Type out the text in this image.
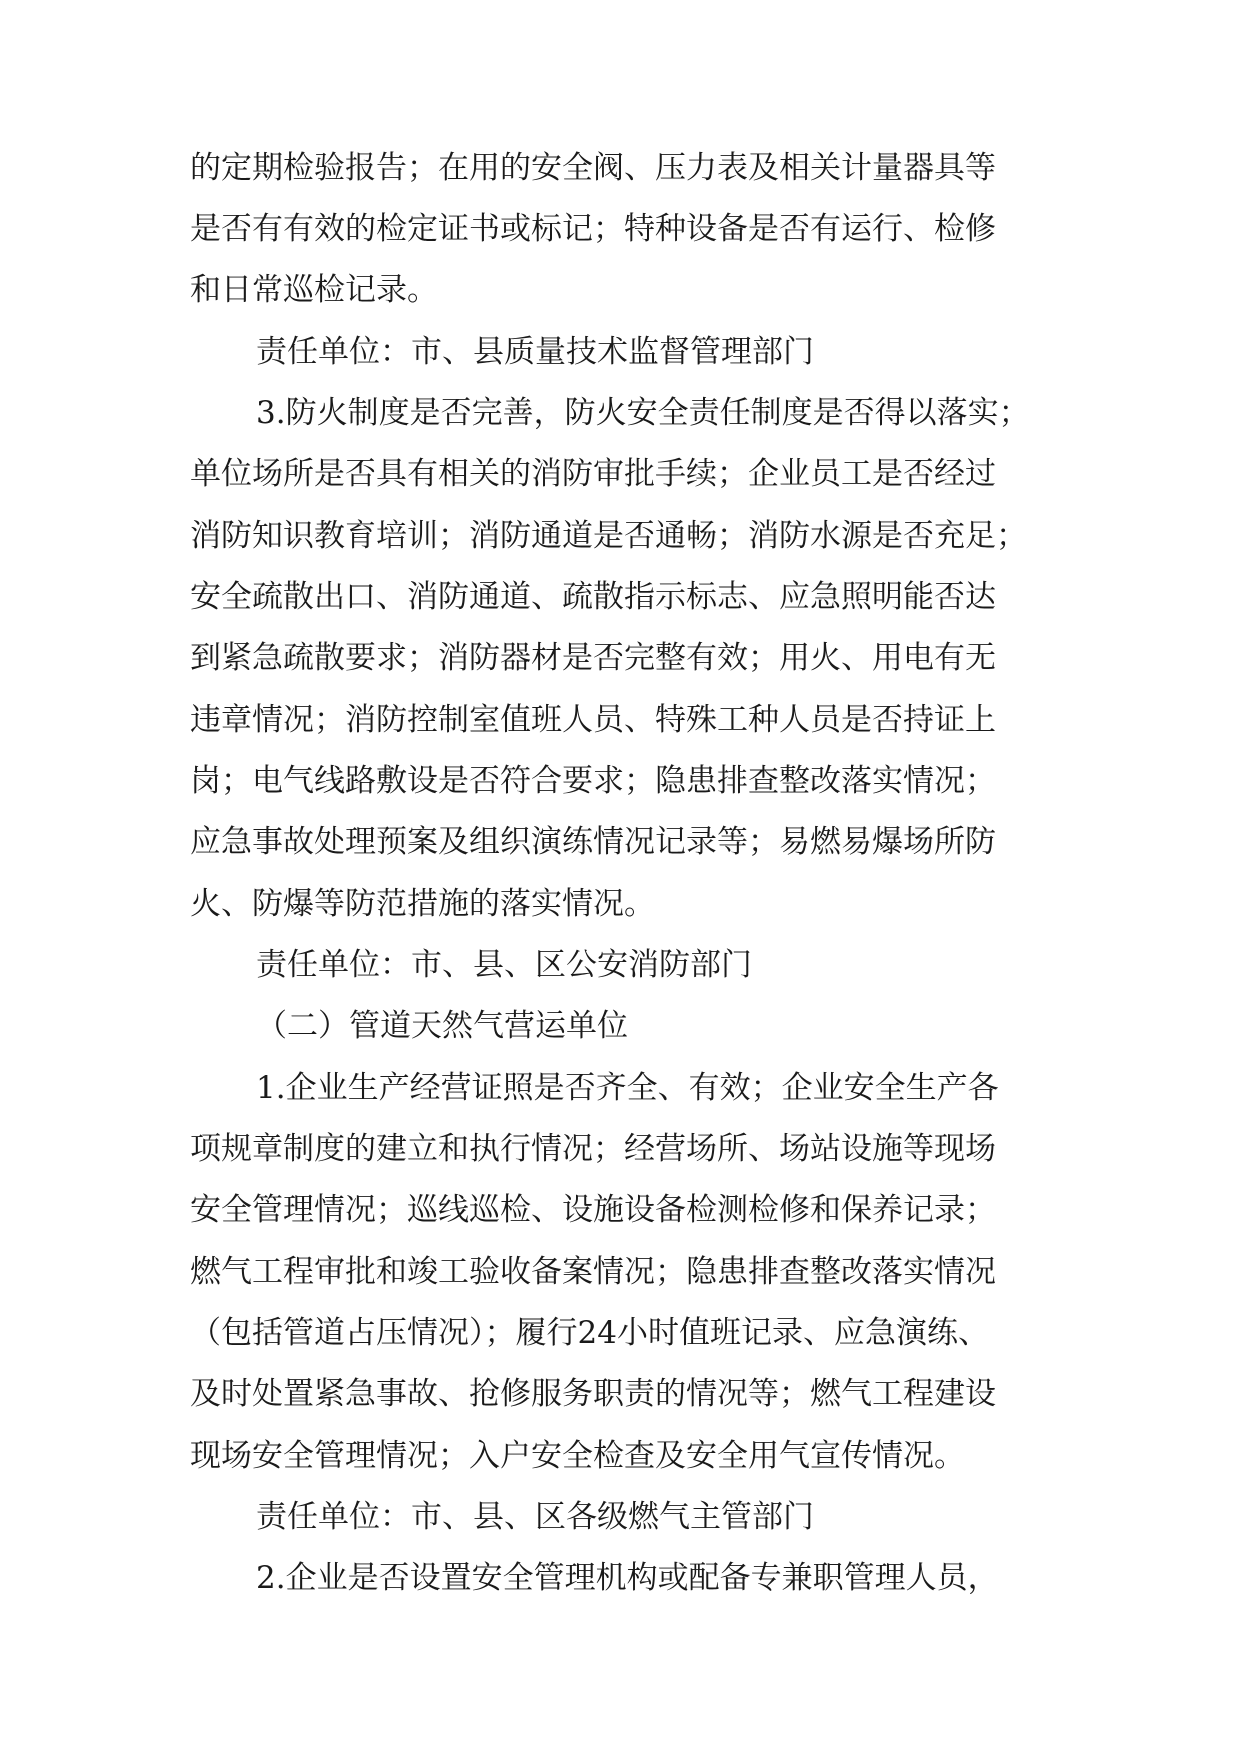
的定期检验报告；在用的安全阀、压力表及相关计量器具等
是否有有效的检定证书或标记；特种设备是否有运行、检修
和日常巡检记录。
责任单位：市、县质量技术监督管理部门
3.防火制度是否完善，防火安全责任制度是否得以落实；
单位场所是否具有相关的消防审批手续；企业员工是否经过
消防知识教育培训；消防通道是否通畅；消防水源是否充足；
安全疏散出口、消防通道、疏散指示标志、应急照明能否达
到紧急疏散要求；消防器材是否完整有效；用火、用电有无
违章情况；消防控制室值班人员、特殊工种人员是否持证上
岗；电气线路敷设是否符合要求；隐患排查整改落实情况；
应急事故处理预案及组织演练情况记录等；易燃易爆场所防
火、防爆等防范措施的落实情况。
责任单位：市、县、区公安消防部门
（二）管道天然气营运单位
1.企业生产经营证照是否齐全、有效；企业安全生产各
项规章制度的建立和执行情况；经营场所、场站设施等现场
安全管理情况；巡线巡检、设施设备检测检修和保养记录；
燃气工程审批和竣工验收备案情况；隐患排查整改落实情况
（包括管道占压情况）；履行24小时值班记录、应急演练、
及时处置紧急事故、抢修服务职责的情况等；燃气工程建设
现场安全管理情况；入户安全检查及安全用气宣传情况。
责任单位：市、县、区各级燃气主管部门
2.企业是否设置安全管理机构或配备专兼职管理人员，
